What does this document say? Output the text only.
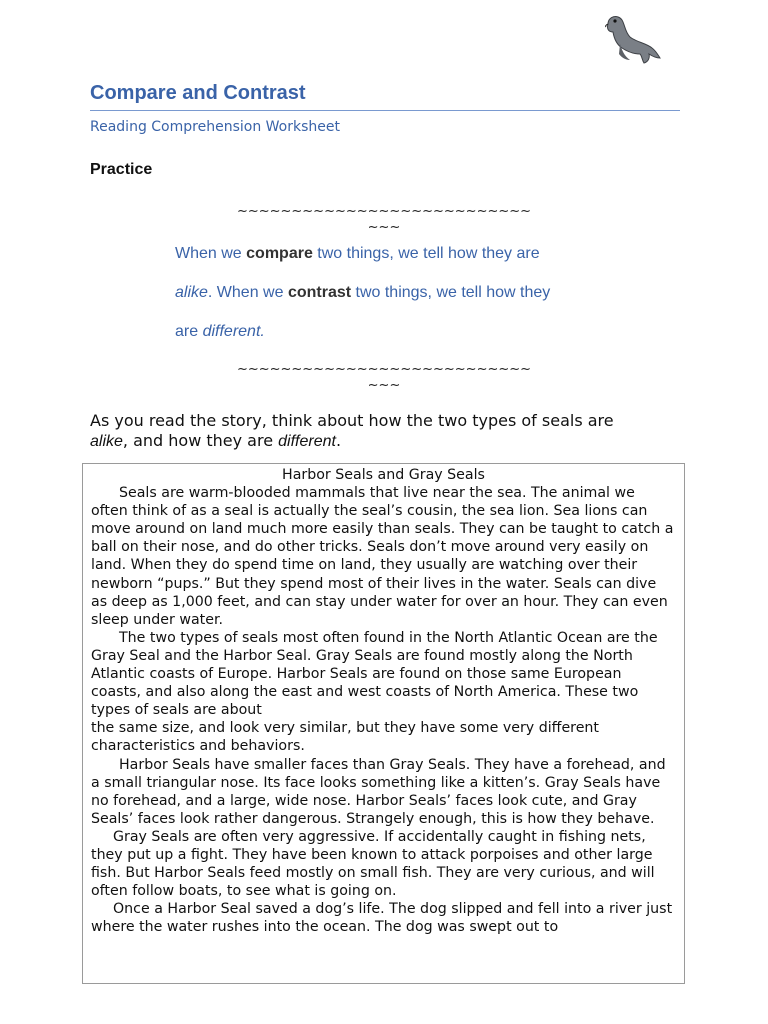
Compare and Contrast
Reading Comprehension Worksheet
Practice
~~~~~~~~~~~~~~~~~~~~~~~~~~~
~~~
When we compare two things, we tell how they are
alike. When we contrast two things, we tell how they
are different.
~~~~~~~~~~~~~~~~~~~~~~~~~~~
~~~
As you read the story, think about how the two types of seals are
alike, and how they are different.
Harbor Seals and Gray Seals

Seals are warm-blooded mammals that live near the sea. The animal we often think of as a seal is actually the seal’s cousin, the sea lion. Sea lions can move around on land much more easily than seals. They can be taught to catch a ball on their nose, and do other tricks. Seals don’t move around very easily on land. When they do spend time on land, they usually are watching over their newborn “pups.” But they spend most of their lives in the water. Seals can dive as deep as 1,000 feet, and can stay under water for over an hour. They can even sleep under water.

The two types of seals most often found in the North Atlantic Ocean are the Gray Seal and the Harbor Seal. Gray Seals are found mostly along the North Atlantic coasts of Europe. Harbor Seals are found on those same European coasts, and also along the east and west coasts of North America. These two types of seals are about

the same size, and look very similar, but they have some very different characteristics and behaviors.

Harbor Seals have smaller faces than Gray Seals. They have a forehead, and a small triangular nose. Its face looks something like a kitten’s. Gray Seals have no forehead, and a large, wide nose. Harbor Seals’ faces look cute, and Gray Seals’ faces look rather dangerous. Strangely enough, this is how they behave.

Gray Seals are often very aggressive. If accidentally caught in fishing nets, they put up a fight. They have been known to attack porpoises and other large fish. But Harbor Seals feed mostly on small fish. They are very curious, and will often follow boats, to see what is going on.

Once a Harbor Seal saved a dog’s life. The dog slipped and fell into a river just where the water rushes into the ocean. The dog was swept out to
